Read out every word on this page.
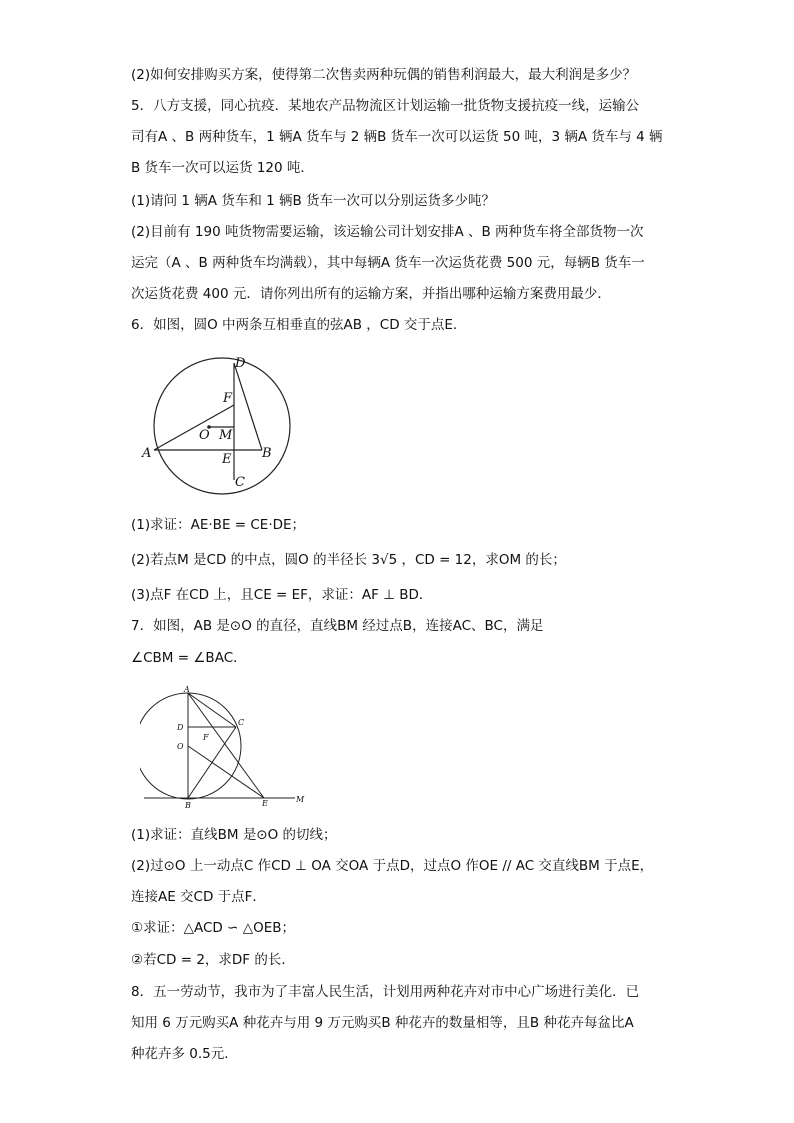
(2)如何安排购买方案，使得第二次售卖两种玩偶的销售利润最大，最大利润是多少？
5．八方支援，同心抗疫．某地农产品物流区计划运输一批货物支援抗疫一线，运输公
司有A 、B 两种货车，1 辆A 货车与 2 辆B 货车一次可以运货 50 吨，3 辆A 货车与 4 辆
B 货车一次可以运货 120 吨．
(1)请问 1 辆A 货车和 1 辆B 货车一次可以分别运货多少吨？
(2)目前有 190 吨货物需要运输，该运输公司计划安排A 、B 两种货车将全部货物一次
运完（A 、B 两种货车均满载），其中每辆A 货车一次运货花费 500 元，每辆B 货车一
次运货花费 400 元．请你列出所有的运输方案，并指出哪种运输方案费用最少．
6．如图，圆O 中两条互相垂直的弦AB ，CD 交于点E．
D
F
O M
A	E B
C
(1)求证：AE·BE = CE·DE；
(2)若点M 是CD 的中点，圆O 的半径长 3√5 ，CD = 12，求OM 的长；
(3)点F 在CD 上，且CE = EF，求证：AF ⊥ BD．
7．如图，AB 是⊙O 的直径，直线BM 经过点B，连接AC、BC，满足
∠CBM = ∠BAC．
A
C
D
F
O
B	E	M
(1)求证：直线BM 是⊙O 的切线；
(2)过⊙O 上一动点C 作CD ⊥ OA 交OA 于点D，过点O 作OE // AC 交直线BM 于点E，
连接AE 交CD 于点F．
①求证：△ACD ∽ △OEB；
②若CD = 2，求DF 的长．
8．五一劳动节，我市为了丰富人民生活，计划用两种花卉对市中心广场进行美化．已
知用 6 万元购买A 种花卉与用 9 万元购买B 种花卉的数量相等，且B 种花卉每盆比A
种花卉多 0.5元．
